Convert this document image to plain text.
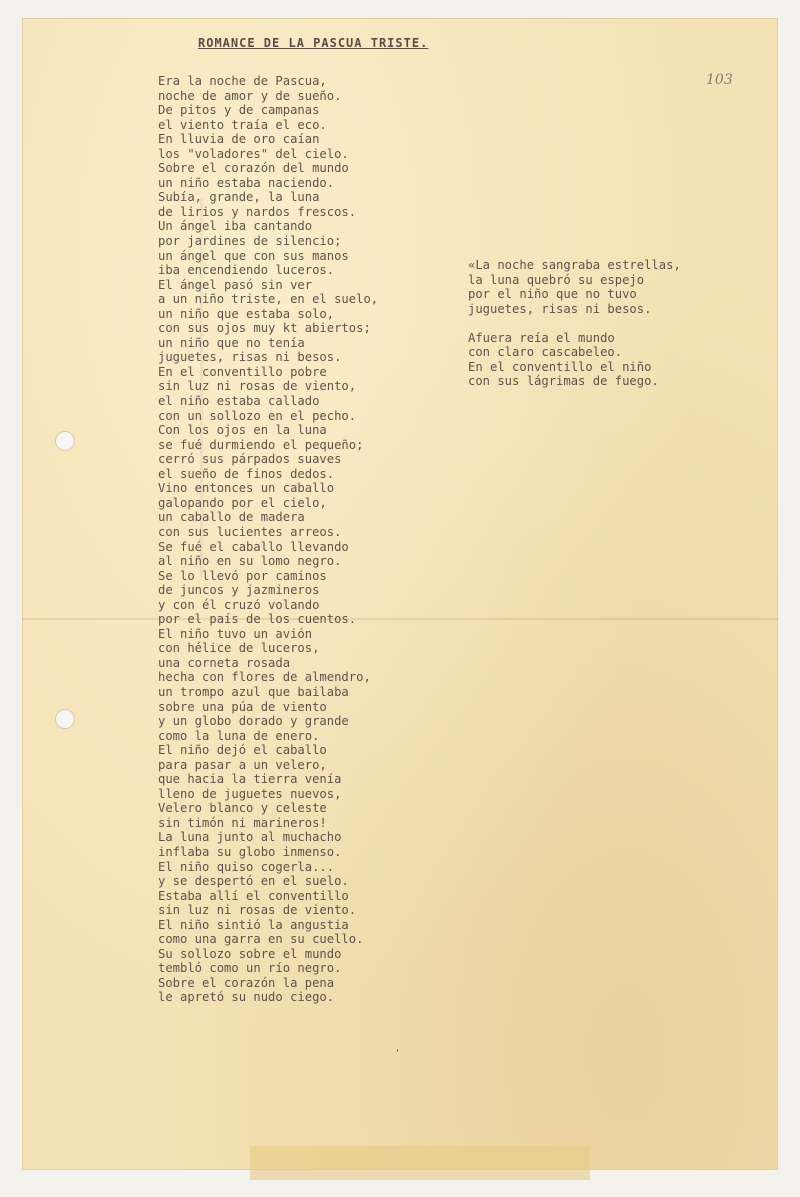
ROMANCE DE LA PASCUA TRISTE.
103
Era la noche de Pascua,
noche de amor y de sueño.
De pitos y de campanas
el viento traía el eco.
En lluvia de oro caían
los "voladores" del cielo.
Sobre el corazón del mundo
un niño estaba naciendo.
Subía, grande, la luna
de lirios y nardos frescos.
Un ángel iba cantando
por jardines de silencio;
un ángel que con sus manos
iba encendiendo luceros.
El ángel pasó sin ver
a un niño triste, en el suelo,
un niño que estaba solo,
con sus ojos muy kt abiertos;
un niño que no tenía
juguetes, risas ni besos.
En el conventillo pobre
sin luz ni rosas de viento,
el niño estaba callado
con un sollozo en el pecho.
Con los ojos en la luna
se fué durmiendo el pequeño;
cerró sus párpados suaves
el sueño de finos dedos.
Vino entonces un caballo
galopando por el cielo,
un caballo de madera
con sus lucientes arreos.
Se fué el caballo llevando
al niño en su lomo negro.
Se lo llevó por caminos
de juncos y jazmineros
y con él cruzó volando
por el país de los cuentos.
El niño tuvo un avión
con hélice de luceros,
una corneta rosada
hecha con flores de almendro,
un trompo azul que bailaba
sobre una púa de viento
y un globo dorado y grande
como la luna de enero.
El niño dejó el caballo
para pasar a un velero,
que hacia la tierra venía
lleno de juguetes nuevos,
Velero blanco y celeste
sin timón ni marineros!
La luna junto al muchacho
inflaba su globo inmenso.
El niño quiso cogerla...
y se despertó en el suelo.
Estaba allí el conventillo
sin luz ni rosas de viento.
El niño sintió la angustia
como una garra en su cuello.
Su sollozo sobre el mundo
tembló como un río negro.
Sobre el corazón la pena
le apretó su nudo ciego.
«La noche sangraba estrellas,
la luna quebró su espejo
por el niño que no tuvo
juguetes, risas ni besos.
Afuera reía el mundo
con claro cascabeleo.
En el conventillo el niño
con sus lágrimas de fuego.
'
